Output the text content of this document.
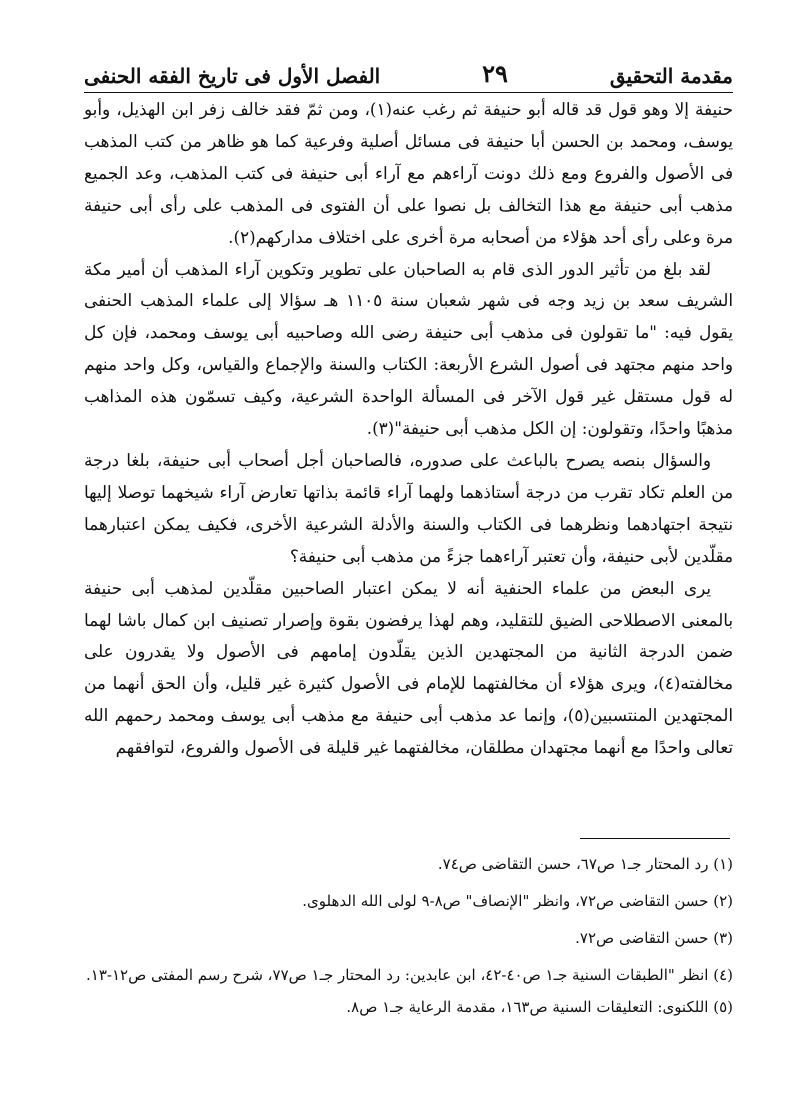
مقدمة التحقيق
٢٩
الفصل الأول فى تاريخ الفقه الحنفى

حنيفة إلا وهو قول قد قاله أبو حنيفة ثم رغب عنه(١)، ومن ثمّ فقد خالف زفر ابن الهذيل، وأبو يوسف، ومحمد بن الحسن أبا حنيفة فى مسائل أصلية وفرعية كما هو ظاهر من كتب المذهب فى الأصول والفروع ومع ذلك دونت آراءهم مع آراء أبى حنيفة فى كتب المذهب، وعد الجميع مذهب أبى حنيفة مع هذا التخالف بل نصوا على أن الفتوى فى المذهب على رأى أبى حنيفة مرة وعلى رأى أحد هؤلاء من أصحابه مرة أخرى على اختلاف مداركهم(٢).

لقد بلغ من تأثير الدور الذى قام به الصاحبان على تطوير وتكوين آراء المذهب أن أمير مكة الشريف سعد بن زيد وجه فى شهر شعبان سنة ١١٠٥ هـ سؤالا إلى علماء المذهب الحنفى يقول فيه: "ما تقولون فى مذهب أبى حنيفة رضى الله وصاحبيه أبى يوسف ومحمد، فإن كل واحد منهم مجتهد فى أصول الشرع الأربعة: الكتاب والسنة والإجماع والقياس، وكل واحد منهم له قول مستقل غير قول الآخر فى المسألة الواحدة الشرعية، وكيف تسمّون هذه المذاهب مذهبًا واحدًا، وتقولون: إن الكل مذهب أبى حنيفة"(٣).

والسؤال بنصه يصرح بالباعث على صدوره، فالصاحبان أجل أصحاب أبى حنيفة، بلغا درجة من العلم تكاد تقرب من درجة أستاذهما ولهما آراء قائمة بذاتها تعارض آراء شيخهما توصلا إليها نتيجة اجتهادهما ونظرهما فى الكتاب والسنة والأدلة الشرعية الأخرى، فكيف يمكن اعتبارهما مقلّدين لأبى حنيفة، وأن تعتبر آراءهما جزءً من مذهب أبى حنيفة؟

يرى البعض من علماء الحنفية أنه لا يمكن اعتبار الصاحبين مقلّدين لمذهب أبى حنيفة بالمعنى الاصطلاحى الضيق للتقليد، وهم لهذا يرفضون بقوة وإصرار تصنيف ابن كمال باشا لهما ضمن الدرجة الثانية من المجتهدين الذين يقلّدون إمامهم فى الأصول ولا يقدرون على مخالفته(٤)، ويرى هؤلاء أن مخالفتهما للإمام فى الأصول كثيرة غير قليل، وأن الحق أنهما من المجتهدين المنتسبين(٥)، وإنما عد مذهب أبى حنيفة مع مذهب أبى يوسف ومحمد رحمهم الله تعالى واحدًا مع أنهما مجتهدان مطلقان، مخالفتهما غير قليلة فى الأصول والفروع، لتوافقهم

(١) رد المحتار جـ١ ص٦٧، حسن التقاضى ص٧٤.
(٢) حسن التقاضى ص٧٢، وانظر "الإنصاف" ص٨-٩ لولى الله الدهلوى.
(٣) حسن التقاضى ص٧٢.
(٤) انظر "الطبقات السنية جـ١ ص٤٠-٤٢، ابن عابدين: رد المحتار جـ١ ص٧٧، شرح رسم المفتى ص١٢-١٣.
(٥) اللكنوى: التعليقات السنية ص١٦٣، مقدمة الرعاية جـ١ ص٨.
